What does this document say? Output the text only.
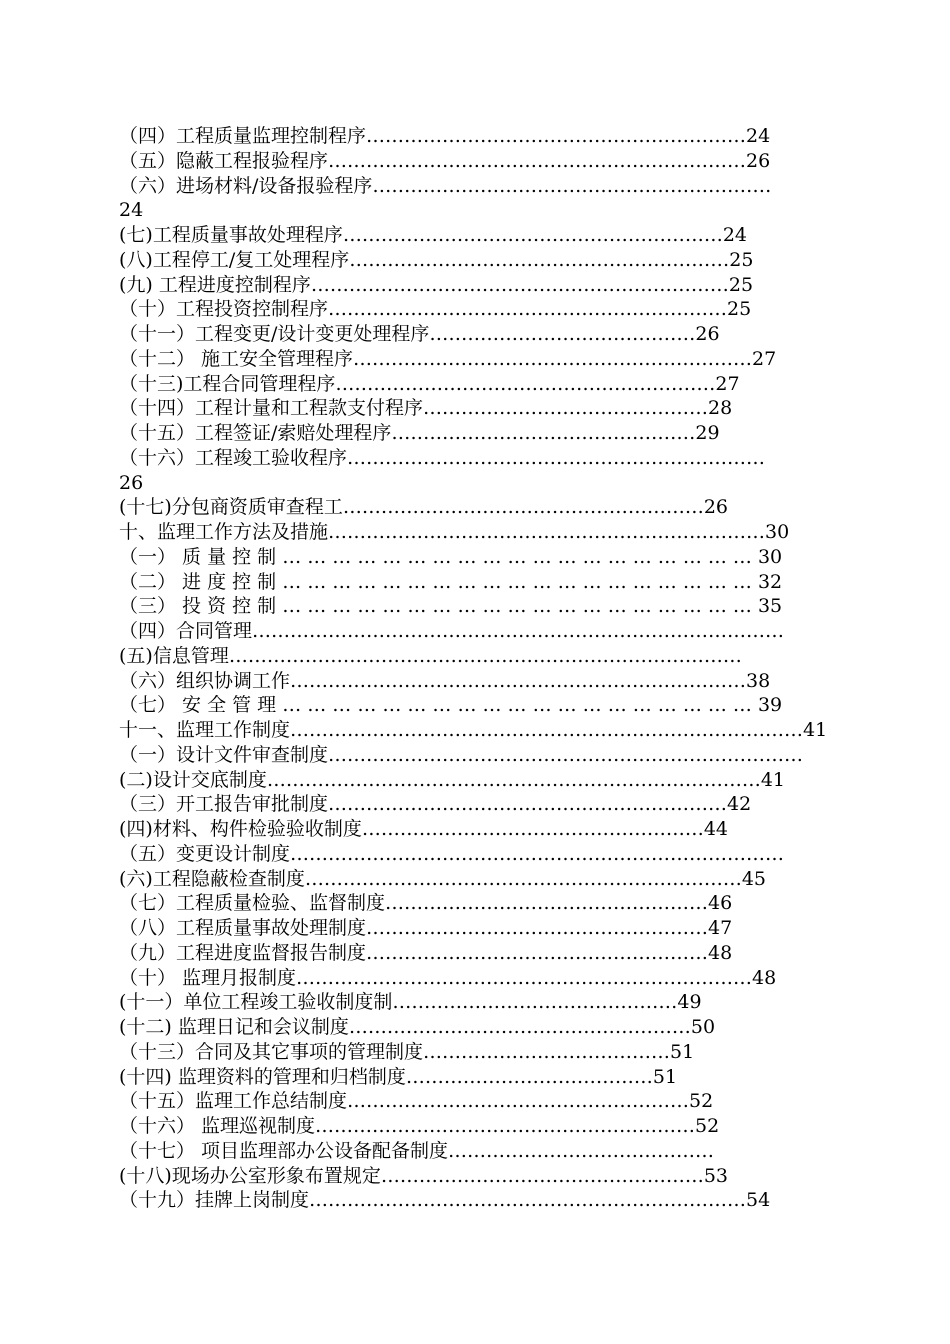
（四）工程质量监理控制程序……………………………………………………24
（五）隐蔽工程报验程序…………………………………………………………26
（六）进场材料/设备报验程序………………………………………………………
24
(七)工程质量事故处理程序……………………………………………………24
(八)工程停工/复工处理程序……………………………………………………25
(九) 工程进度控制程序…………………………………………………………25
（十）工程投资控制程序………………………………………………………25
（十一）工程变更/设计变更处理程序……………………………………26
（十二） 施工安全管理程序………………………………………………………27
（十三)工程合同管理程序……………………………………………………27
（十四）工程计量和工程款支付程序………………………………………28
（十五）工程签证/索赔处理程序…………………………………………29
（十六）工程竣工验收程序…………………………………………………………
26
(十七)分包商资质审查程工…………………………………………………26
十、监理工作方法及措施……………………………………………………………30
（一） 质 量 控 制 … … … … … … … … … … … … … … … … … … … 30
（二） 进 度 控 制 … … … … … … … … … … … … … … … … … … … 32
（三） 投 资 控 制 … … … … … … … … … … … … … … … … … … … 35
（四）合同管理…………………………………………………………………………
(五)信息管理………………………………………………………………………
（六）组织协调工作………………………………………………………………38
（七） 安 全 管 理 … … … … … … … … … … … … … … … … … … … 39
十一、监理工作制度………………………………………………………………………41
（一）设计文件审查制度…………………………………………………………………
(二)设计交底制度……………………………………………………………………41
（三）开工报告审批制度………………………………………………………42
(四)材料、构件检验验收制度………………………………………………44
（五）变更设计制度……………………………………………………………………
(六)工程隐蔽检查制度……………………………………………………………45
（七）工程质量检验、监督制度……………………………………………46
（八）工程质量事故处理制度………………………………………………47
（九）工程进度监督报告制度………………………………………………48
（十） 监理月报制度………………………………………………………………48
(十一）单位工程竣工验收制度制………………………………………49
(十二) 监理日记和会议制度………………………………………………50
（十三）合同及其它事项的管理制度…………………………………51
(十四) 监理资料的管理和归档制度…………………………………51
（十五）监理工作总结制度………………………………………………52
（十六） 监理巡视制度……………………………………………………52
（十七） 项目监理部办公设备配备制度……………………………………
(十八)现场办公室形象布置规定……………………………………………53
（十九）挂牌上岗制度……………………………………………………………54
